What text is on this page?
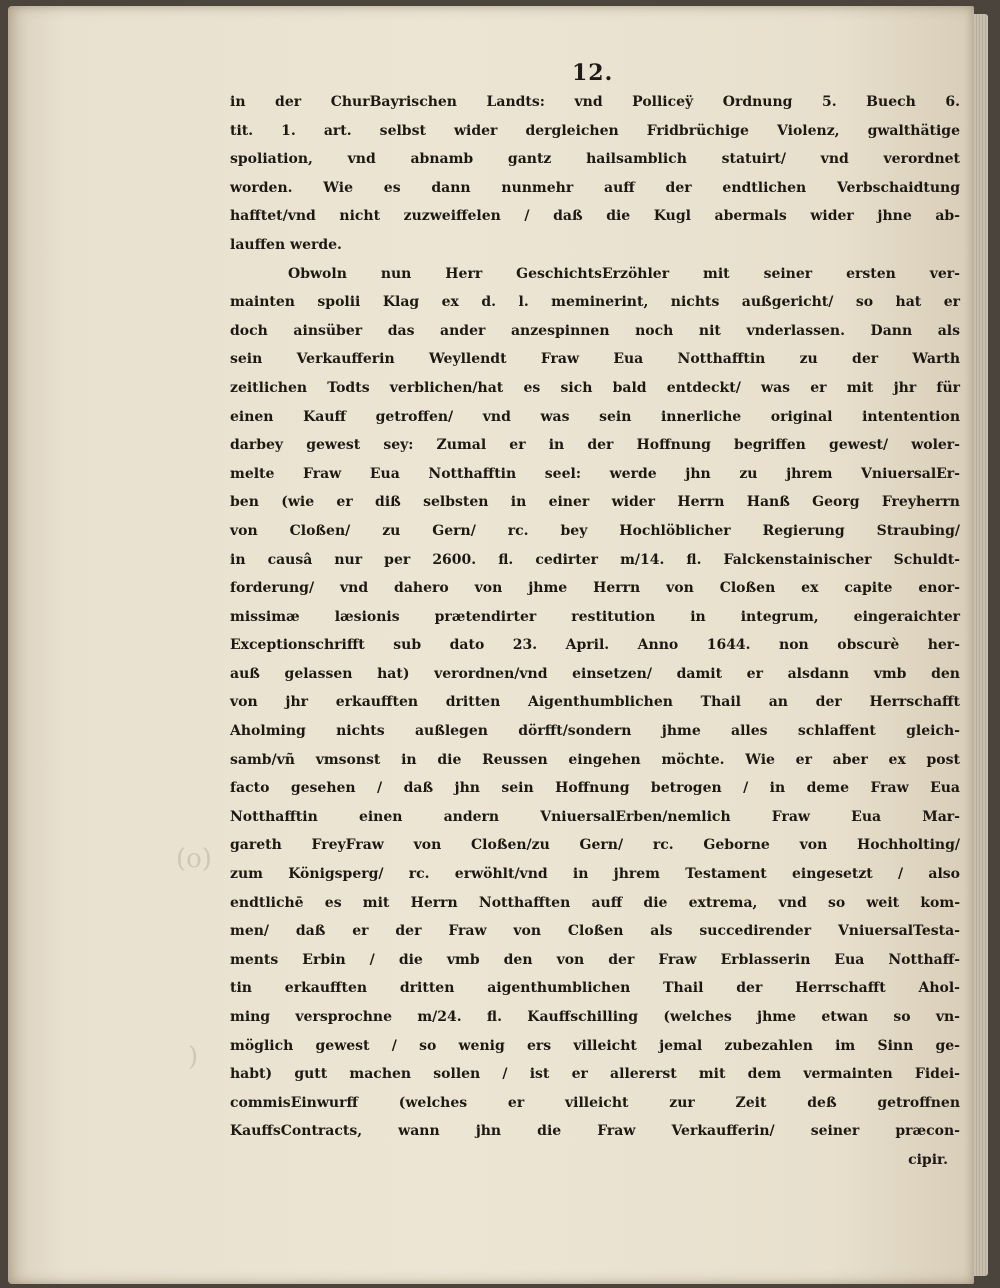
(ο)
)
12.
in der ChurBayrischen Landts: vnd Polliceÿ Ordnung 5. Buech 6.
tit. 1. art. selbst wider dergleichen Fridbrüchige Violenz, gwalthätige
spoliation, vnd abnamb gantz hailsamblich statuirt/ vnd verordnet
worden. Wie es dann nunmehr auff der endtlichen Verbschaidtung
hafftet/vnd nicht zuzweiffelen / daß die Kugl abermals wider jhne ab-
lauffen werde.
Obwoln nun Herr GeschichtsErzöhler mit seiner ersten ver-
mainten spolii Klag ex d. l. meminerint, nichts außgericht/ so hat er
doch ainsüber das ander anzespinnen noch nit vnderlassen. Dann als
sein Verkaufferin Weyllendt Fraw Eua Notthafftin zu der Warth
zeitlichen Todts verblichen/hat es sich bald entdeckt/ was er mit jhr für
einen Kauff getroffen/ vnd was sein innerliche original intentention
darbey gewest sey: Zumal er in der Hoffnung begriffen gewest/ woler-
melte Fraw Eua Notthafftin seel: werde jhn zu jhrem VniuersalEr-
ben (wie er diß selbsten in einer wider Herrn Hanß Georg Freyherrn
von Cloßen/ zu Gern/ rc. bey Hochlöblicher Regierung Straubing/
in causâ nur per 2600. fl. cedirter m/14. fl. Falckenstainischer Schuldt-
forderung/ vnd dahero von jhme Herrn von Cloßen ex capite enor-
missimæ læsionis prætendirter restitution in integrum, eingeraichter
Exceptionschrifft sub dato 23. April. Anno 1644. non obscurè her-
auß gelassen hat) verordnen/vnd einsetzen/ damit er alsdann vmb den
von jhr erkaufften dritten Aigenthumblichen Thail an der Herrschafft
Aholming nichts außlegen dörfft/sondern jhme alles schlaffent gleich-
samb/vñ vmsonst in die Reussen eingehen möchte. Wie er aber ex post
facto gesehen / daß jhn sein Hoffnung betrogen / in deme Fraw Eua
Notthafftin einen andern VniuersalErben/nemlich Fraw Eua Mar-
gareth FreyFraw von Cloßen/zu Gern/ rc. Geborne von Hochholting/
zum Königsperg/ rc. erwöhlt/vnd in jhrem Testament eingesetzt / also
endtlichē es mit Herrn Notthafften auff die extrema, vnd so weit kom-
men/ daß er der Fraw von Cloßen als succedirender VniuersalTesta-
ments Erbin / die vmb den von der Fraw Erblasserin Eua Notthaff-
tin erkaufften dritten aigenthumblichen Thail der Herrschafft Ahol-
ming versprochne m/24. fl. Kauffschilling (welches jhme etwan so vn-
möglich gewest / so wenig ers villeicht jemal zubezahlen im Sinn ge-
habt) gutt machen sollen / ist er allererst mit dem vermainten Fidei-
commisEinwurff (welches er villeicht zur Zeit deß getroffnen
KauffsContracts, wann jhn die Fraw Verkaufferin/ seiner præcon-
cipir.
